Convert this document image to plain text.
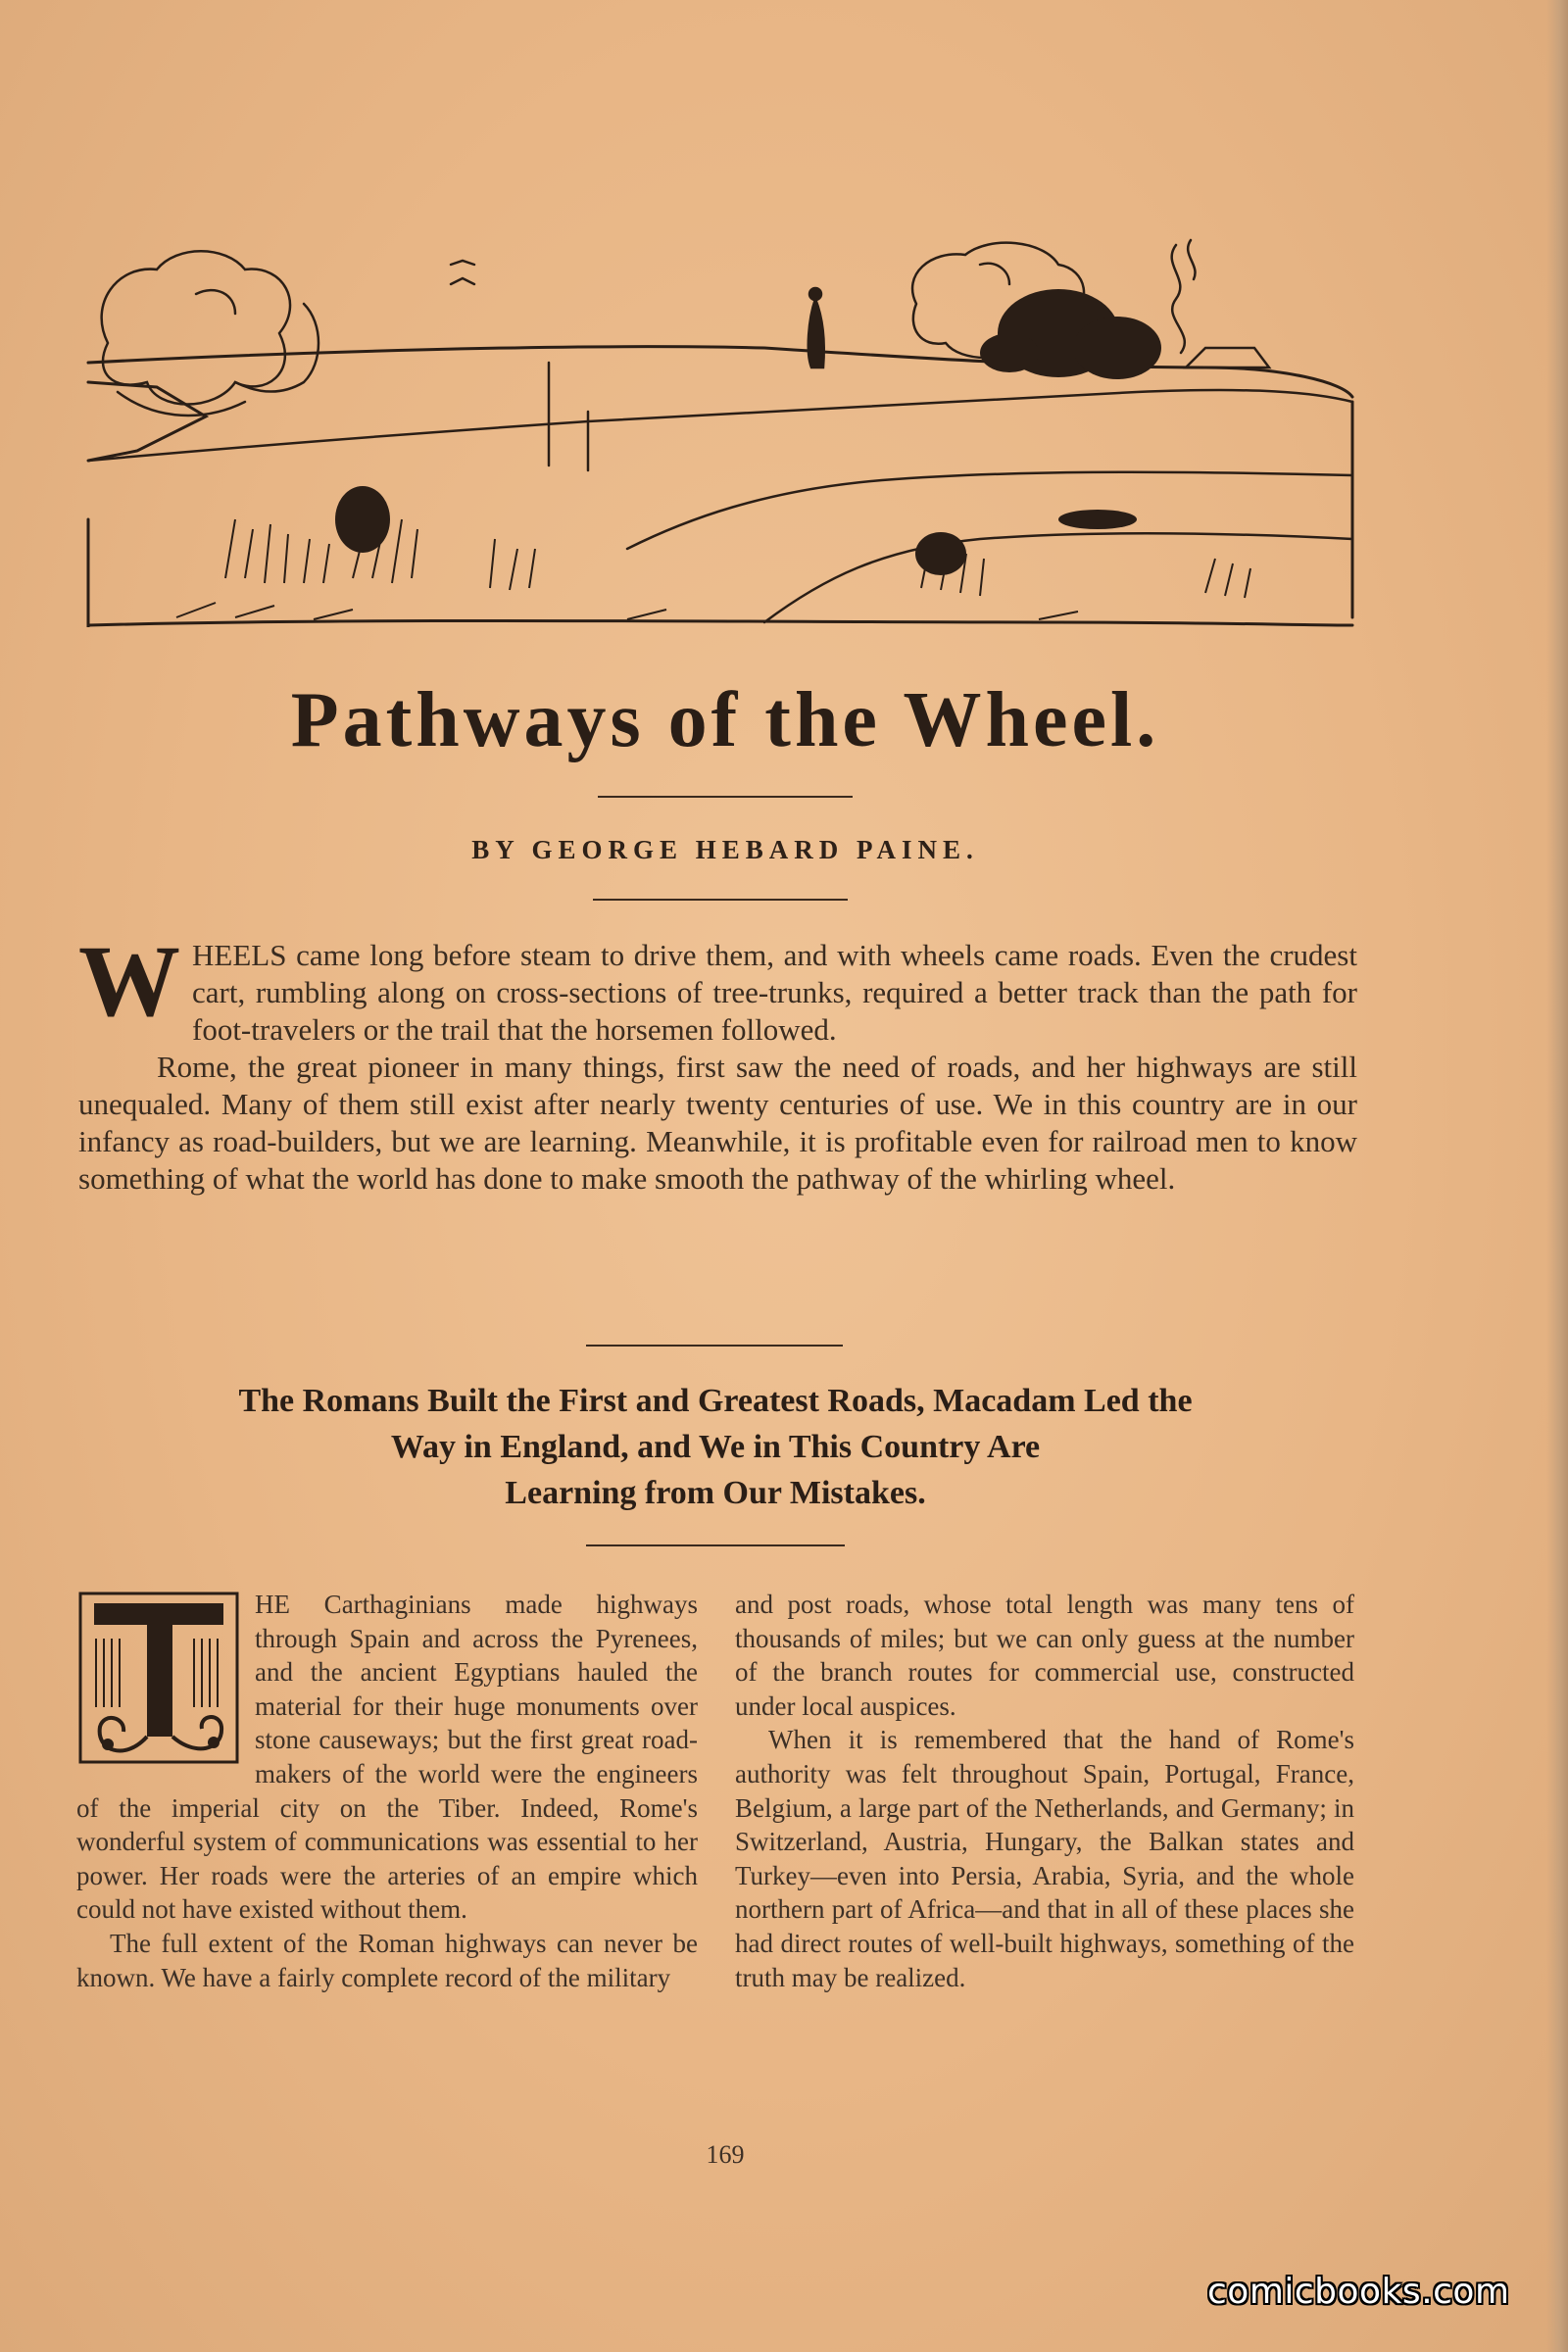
Pathways of the Wheel.
BY GEORGE HEBARD PAINE.

WHEELS came long before steam to drive them, and with wheels came roads. Even the crudest cart, rumbling along on cross-sections of tree-trunks, required a better track than the path for foot-travelers or the trail that the horsemen followed.

Rome, the great pioneer in many things, first saw the need of roads, and her highways are still unequaled. Many of them still exist after nearly twenty centuries of use. We in this country are in our infancy as road-builders, but we are learning. Meanwhile, it is profitable even for railroad men to know something of what the world has done to make smooth the pathway of the whirling wheel.

The Romans Built the First and Greatest Roads, Macadam Led the
Way in England, and We in This Country Are
Learning from Our Mistakes.

HE Carthaginians made highways through Spain and across the Pyrenees, and the ancient Egyptians hauled the material for their huge monuments over stone causeways; but the first great road-makers of the world were the engineers of the imperial city on the Tiber. Indeed, Rome's wonderful system of communications was essential to her power. Her roads were the arteries of an empire which could not have existed without them.

The full extent of the Roman highways can never be known. We have a fairly complete record of the military

and post roads, whose total length was many tens of thousands of miles; but we can only guess at the number of the branch routes for commercial use, constructed under local auspices.

When it is remembered that the hand of Rome's authority was felt throughout Spain, Portugal, France, Belgium, a large part of the Netherlands, and Germany; in Switzerland, Austria, Hungary, the Balkan states and Turkey—even into Persia, Arabia, Syria, and the whole northern part of Africa—and that in all of these places she had direct routes of well-built highways, something of the truth may be realized.

169
comicbooks.com
